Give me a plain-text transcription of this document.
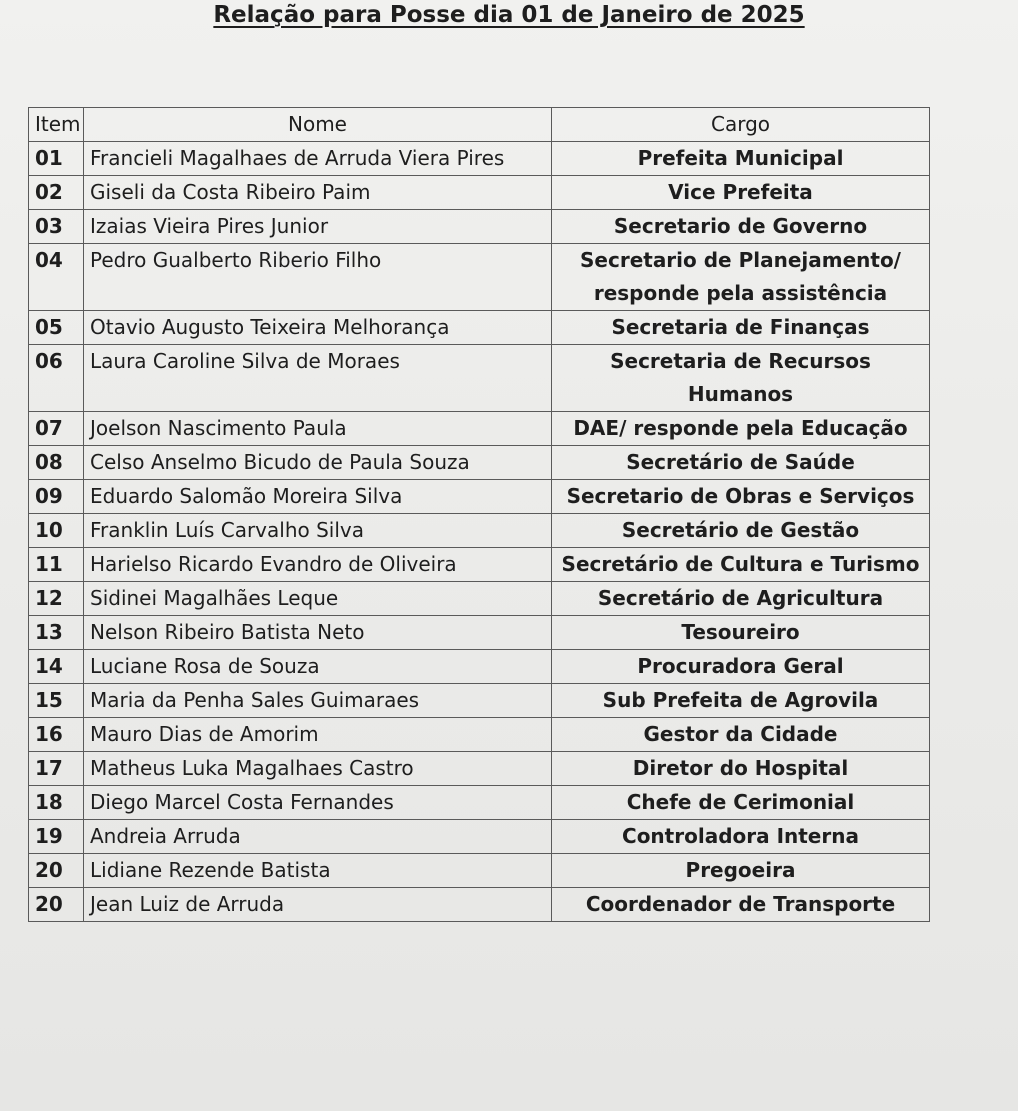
Relação para Posse dia 01 de Janeiro de 2025
Item	Nome	Cargo
01	Francieli Magalhaes de Arruda Viera Pires	Prefeita Municipal
02	Giseli da Costa Ribeiro Paim	Vice Prefeita
03	Izaias Vieira Pires Junior	Secretario de Governo
04	Pedro Gualberto Riberio Filho	Secretario de Planejamento/ responde pela assistência
05	Otavio Augusto Teixeira Melhorança	Secretaria de Finanças
06	Laura Caroline Silva de Moraes	Secretaria de Recursos Humanos
07	Joelson Nascimento Paula	DAE/ responde pela Educação
08	Celso Anselmo Bicudo de Paula Souza	Secretário de Saúde
09	Eduardo Salomão Moreira Silva	Secretario de Obras e Serviços
10	Franklin Luís Carvalho Silva	Secretário de Gestão
11	Harielso Ricardo Evandro de Oliveira	Secretário de Cultura e Turismo
12	Sidinei Magalhães Leque	Secretário de Agricultura
13	Nelson Ribeiro Batista Neto	Tesoureiro
14	Luciane Rosa de Souza	Procuradora Geral
15	Maria da Penha Sales Guimaraes	Sub Prefeita de Agrovila
16	Mauro Dias de Amorim	Gestor da Cidade
17	Matheus Luka Magalhaes Castro	Diretor do Hospital
18	Diego Marcel Costa Fernandes	Chefe de Cerimonial
19	Andreia Arruda	Controladora Interna
20	Lidiane Rezende Batista	Pregoeira
20	Jean Luiz de Arruda	Coordenador de Transporte
